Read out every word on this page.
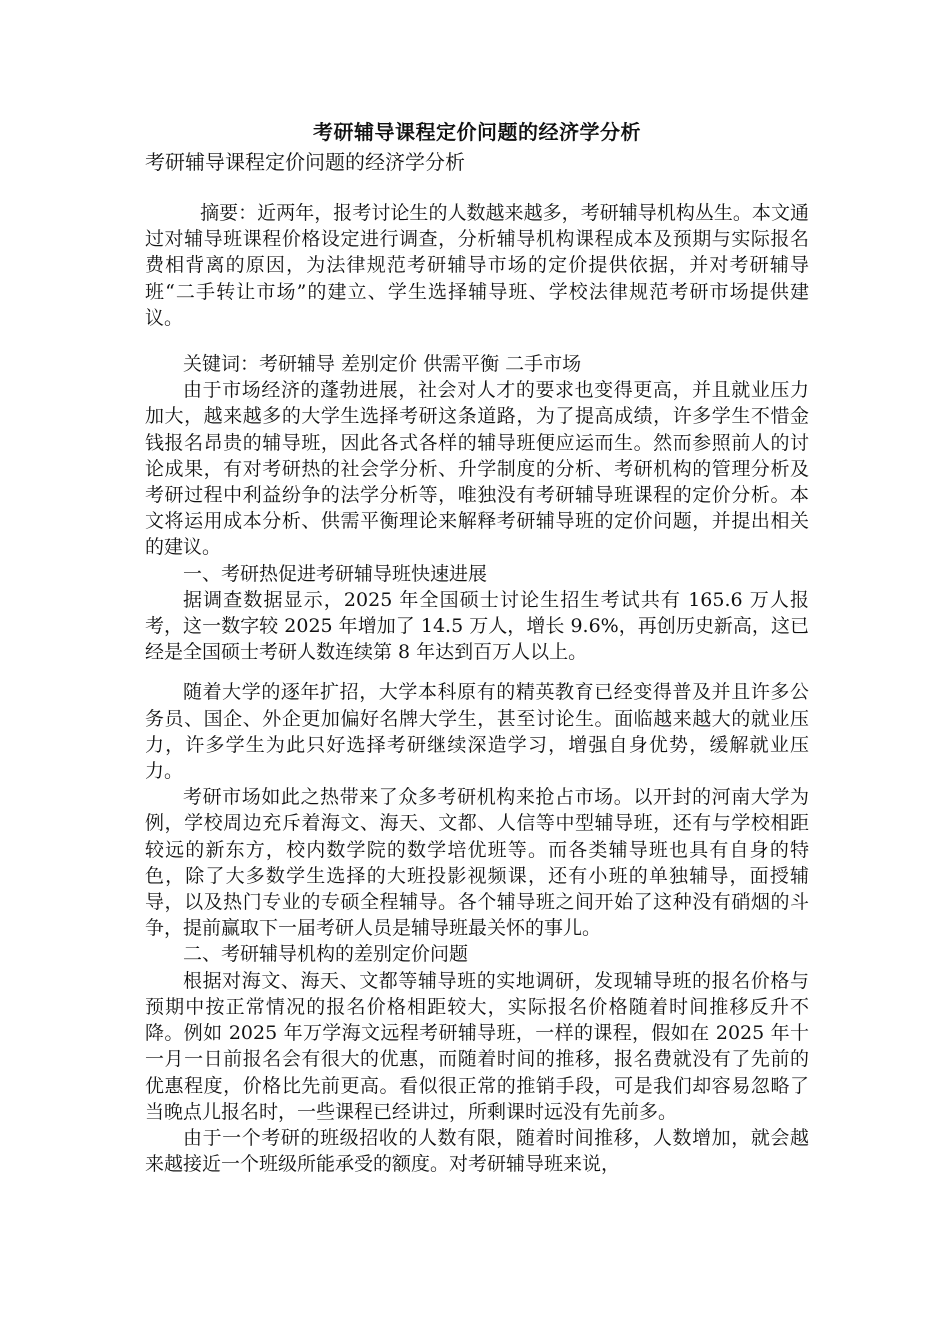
考研辅导课程定价问题的经济学分析
考研辅导课程定价问题的经济学分析

摘要：近两年，报考讨论生的人数越来越多，考研辅导机构丛生。本文通过对辅导班课程价格设定进行调查，分析辅导机构课程成本及预期与实际报名费相背离的原因，为法律规范考研辅导市场的定价提供依据，并对考研辅导班“二手转让市场”的建立、学生选择辅导班、学校法律规范考研市场提供建议。

关键词：考研辅导 差别定价 供需平衡 二手市场

由于市场经济的蓬勃进展，社会对人才的要求也变得更高，并且就业压力加大，越来越多的大学生选择考研这条道路，为了提高成绩，许多学生不惜金钱报名昂贵的辅导班，因此各式各样的辅导班便应运而生。然而参照前人的讨论成果，有对考研热的社会学分析、升学制度的分析、考研机构的管理分析及考研过程中利益纷争的法学分析等，唯独没有考研辅导班课程的定价分析。本文将运用成本分析、供需平衡理论来解释考研辅导班的定价问题，并提出相关的建议。

一、考研热促进考研辅导班快速进展

据调查数据显示，2025 年全国硕士讨论生招生考试共有 165.6 万人报考，这一数字较 2025 年增加了 14.5 万人，增长 9.6%，再创历史新高，这已经是全国硕士考研人数连续第 8 年达到百万人以上。

随着大学的逐年扩招，大学本科原有的精英教育已经变得普及并且许多公务员、国企、外企更加偏好名牌大学生，甚至讨论生。面临越来越大的就业压力，许多学生为此只好选择考研继续深造学习，增强自身优势，缓解就业压力。

考研市场如此之热带来了众多考研机构来抢占市场。以开封的河南大学为例，学校周边充斥着海文、海天、文都、人信等中型辅导班，还有与学校相距较远的新东方，校内数学院的数学培优班等。而各类辅导班也具有自身的特色，除了大多数学生选择的大班投影视频课，还有小班的单独辅导，面授辅导，以及热门专业的专硕全程辅导。各个辅导班之间开始了这种没有硝烟的斗争，提前赢取下一届考研人员是辅导班最关怀的事儿。

二、考研辅导机构的差别定价问题

根据对海文、海天、文都等辅导班的实地调研，发现辅导班的报名价格与预期中按正常情况的报名价格相距较大，实际报名价格随着时间推移反升不降。例如 2025 年万学海文远程考研辅导班，一样的课程，假如在 2025 年十一月一日前报名会有很大的优惠，而随着时间的推移，报名费就没有了先前的优惠程度，价格比先前更高。看似很正常的推销手段，可是我们却容易忽略了当晚点儿报名时，一些课程已经讲过，所剩课时远没有先前多。

由于一个考研的班级招收的人数有限，随着时间推移，人数增加，就会越来越接近一个班级所能承受的额度。对考研辅导班来说，
